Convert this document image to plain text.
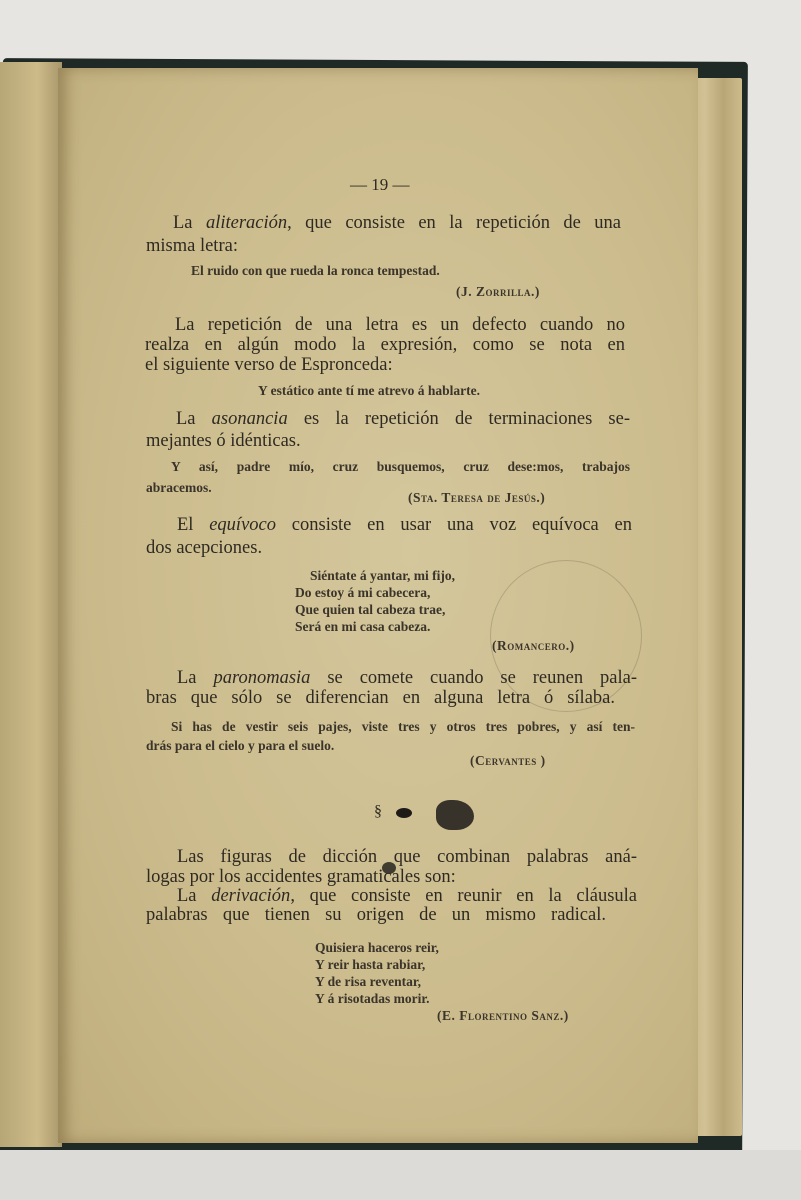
— 19 —
La aliteración, que consiste en la repetición de una
misma letra:
El ruido con que rueda la ronca tempestad.
(J. Zorrilla.)
La repetición de una letra es un defecto cuando no
realza en algún modo la expresión, como se nota en
el siguiente verso de Espronceda:
Y estático ante tí me atrevo á hablarte.
La asonancia es la repetición de terminaciones se-
mejantes ó idénticas.
Y así, padre mío, cruz busquemos, cruz dese:mos, trabajos
abracemos.
(Sta. Teresa de Jesús.)
El equívoco consiste en usar una voz equívoca en
dos acepciones.
Siéntate á yantar, mi fijo,
Do estoy á mi cabecera,
Que quien tal cabeza trae,
Será en mi casa cabeza.
(Romancero.)
La paronomasia se comete cuando se reunen pala-
bras que sólo se diferencian en alguna letra ó sílaba.
Si has de vestir seis pajes, viste tres y otros tres pobres, y así ten-
drás para el cielo y para el suelo.
(Cervantes )
§
Las figuras de dicción que combinan palabras aná-
logas por los accidentes gramaticales son:
La derivación, que consiste en reunir en la cláusula
palabras que tienen su origen de un mismo radical.
Quisiera haceros reir,
Y reir hasta rabiar,
Y de risa reventar,
Y á risotadas morir.
(E. Florentino Sanz.)
